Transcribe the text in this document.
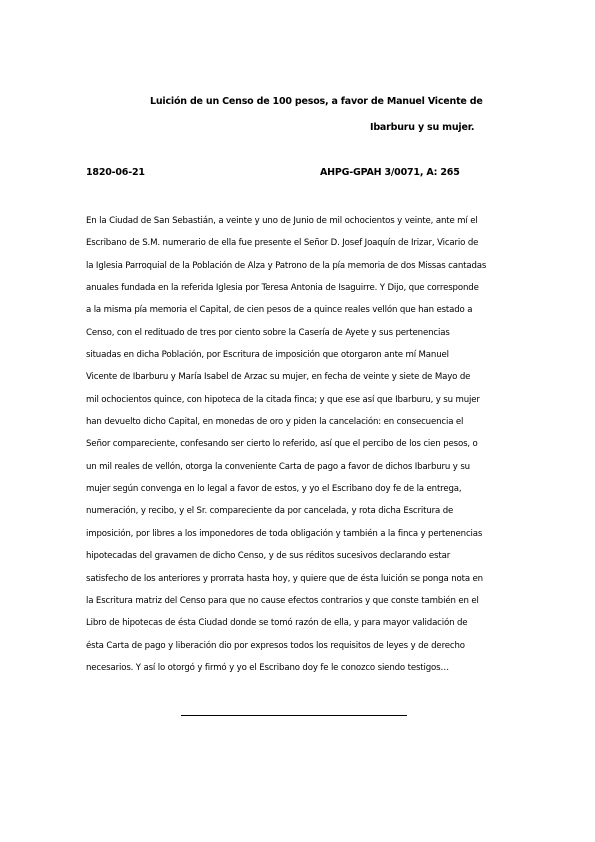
Luición de un Censo de 100 pesos, a favor de Manuel Vicente de
Ibarburu y su mujer.
1820-06-21	AHPG-GPAH 3/0071, A: 265
En la Ciudad de San Sebastián, a veinte y uno de Junio de mil ochocientos y veinte, ante mí el
Escribano de S.M. numerario de ella fue presente el Señor D. Josef Joaquín de Irizar, Vicario de
la Iglesia Parroquial de la Población de Alza y Patrono de la pía memoria de dos Missas cantadas
anuales fundada en la referida Iglesia por Teresa Antonia de Isaguirre. Y Dijo, que corresponde
a la misma pía memoria el Capital, de cien pesos de a quince reales vellón que han estado a
Censo, con el redituado de tres por ciento sobre la Casería de Ayete y sus pertenencias
situadas en dicha Población, por Escritura de imposición que otorgaron ante mí Manuel
Vicente de Ibarburu y María Isabel de Arzac su mujer, en fecha de veinte y siete de Mayo de
mil ochocientos quince, con hipoteca de la citada finca; y que ese así que Ibarburu, y su mujer
han devuelto dicho Capital, en monedas de oro y piden la cancelación: en consecuencia el
Señor compareciente, confesando ser cierto lo referido, así que el percibo de los cien pesos, o
un mil reales de vellón, otorga la conveniente Carta de pago a favor de dichos Ibarburu y su
mujer según convenga en lo legal a favor de estos, y yo el Escribano doy fe de la entrega,
numeración, y recibo, y el Sr. compareciente da por cancelada, y rota dicha Escritura de
imposición, por libres a los imponedores de toda obligación y también a la finca y pertenencias
hipotecadas del gravamen de dicho Censo, y de sus réditos sucesivos declarando estar
satisfecho de los anteriores y prorrata hasta hoy, y quiere que de ésta luición se ponga nota en
la Escritura matriz del Censo para que no cause efectos contrarios y que conste también en el
Libro de hipotecas de ésta Ciudad donde se tomó razón de ella, y para mayor validación de
ésta Carta de pago y liberación dio por expresos todos los requisitos de leyes y de derecho
necesarios. Y así lo otorgó y firmó y yo el Escribano doy fe le conozco siendo testigos…
